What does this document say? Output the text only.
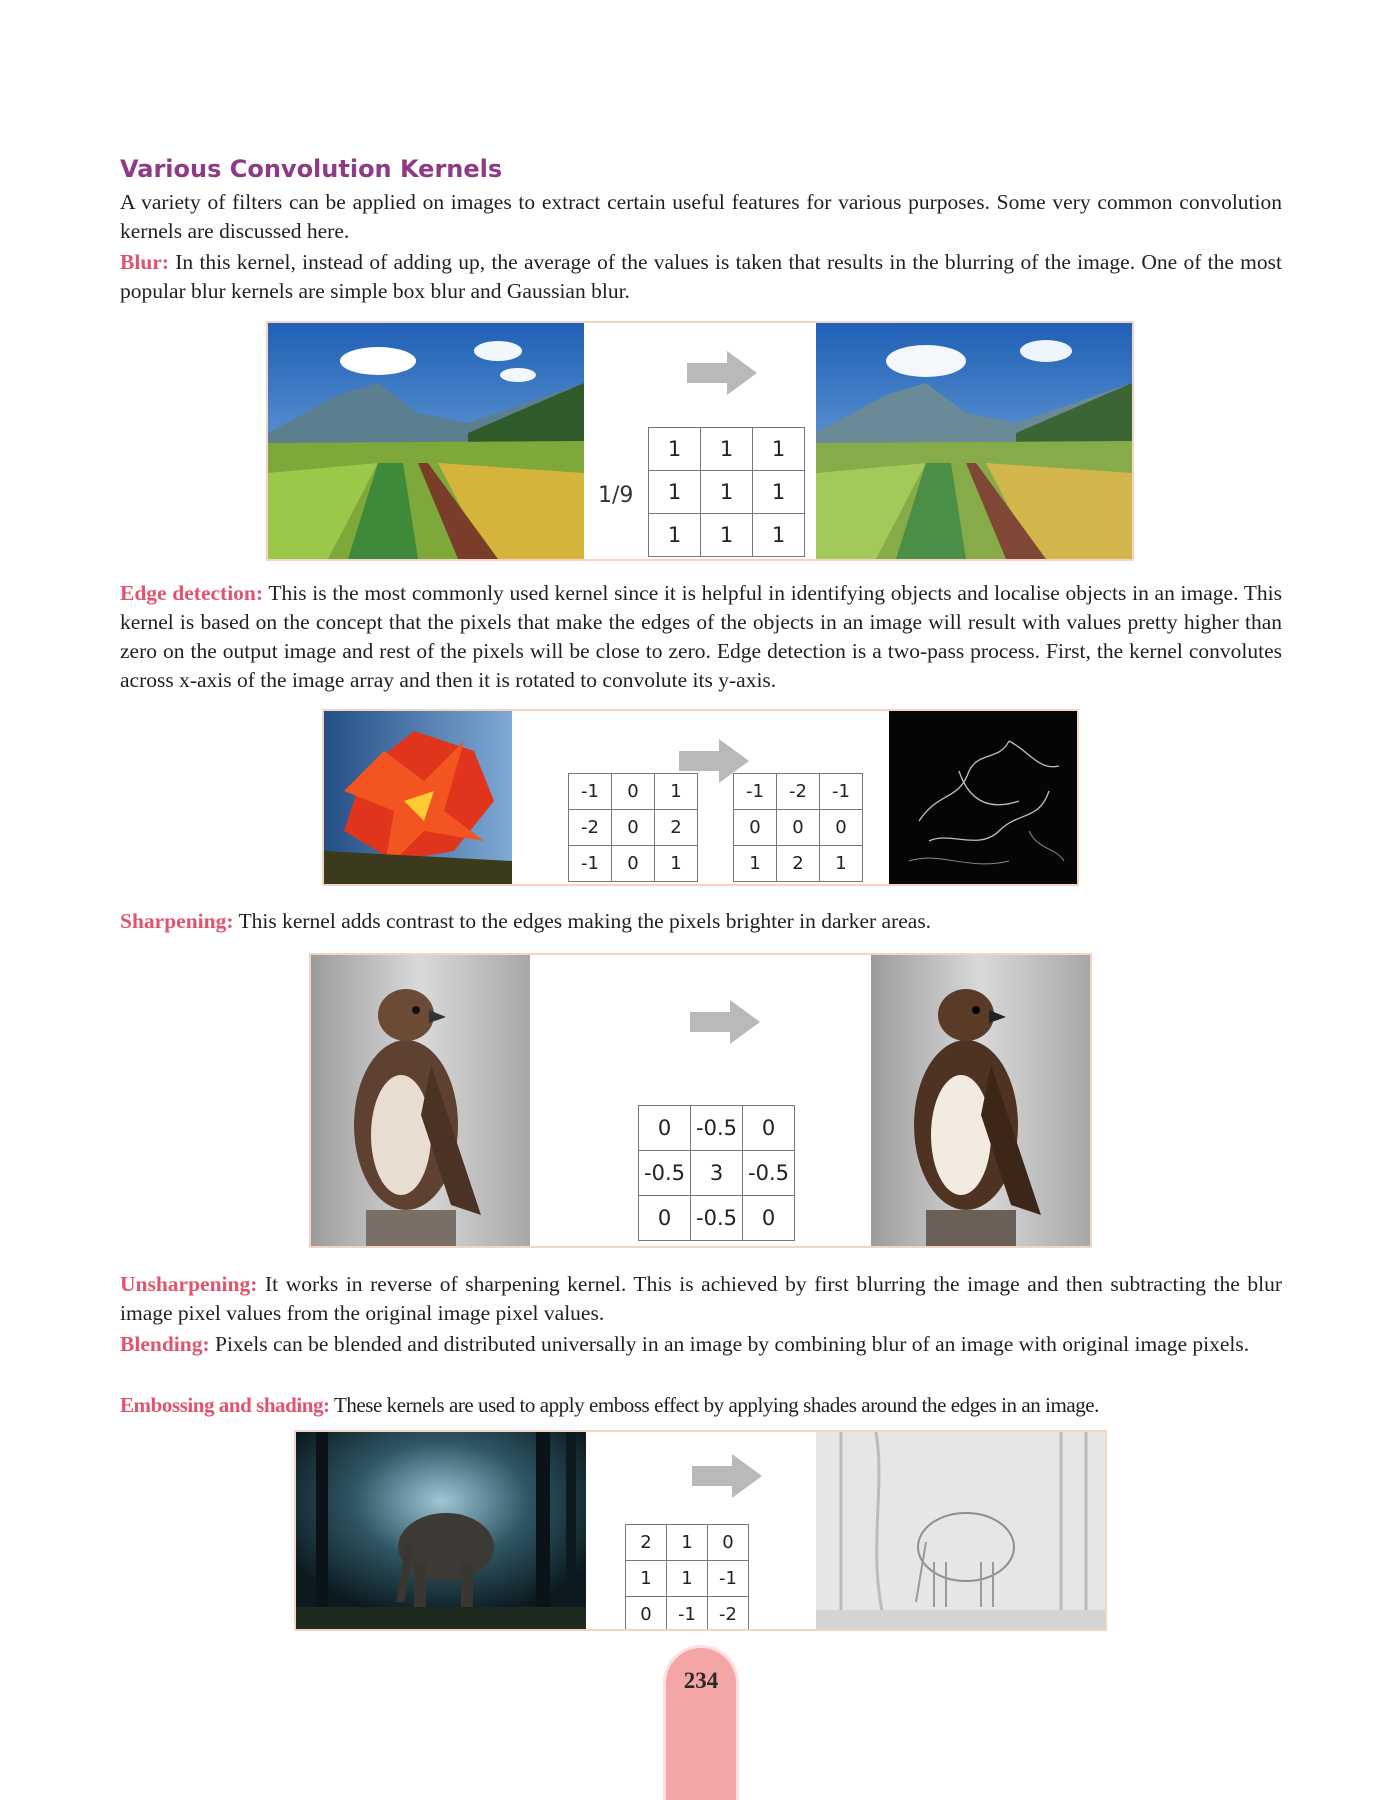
Various Convolution Kernels

A variety of filters can be applied on images to extract certain useful features for various purposes. Some very common convolution kernels are discussed here.

Blur: In this kernel, instead of adding up, the average of the values is taken that results in the blurring of the image. One of the most popular blur kernels are simple box blur and Gaussian blur.

1/9
1	1	1
1	1	1
1	1	1

Edge detection: This is the most commonly used kernel since it is helpful in identifying objects and localise objects in an image. This kernel is based on the concept that the pixels that make the edges of the objects in an image will result with values pretty higher than zero on the output image and rest of the pixels will be close to zero. Edge detection is a two-pass process. First, the kernel convolutes across x-axis of the image array and then it is rotated to convolute its y-axis.

-1	0	1
-2	0	2
-1	0	1
-1	-2	-1
0	0	0
1	2	1

Sharpening: This kernel adds contrast to the edges making the pixels brighter in darker areas.

0	-0.5	0
-0.5	3	-0.5
0	-0.5	0

Unsharpening: It works in reverse of sharpening kernel. This is achieved by first blurring the image and then subtracting the blur image pixel values from the original image pixel values.

Blending: Pixels can be blended and distributed universally in an image by combining blur of an image with original image pixels.

Embossing and shading: These kernels are used to apply emboss effect by applying shades around the edges in an image.

2	1	0
1	1	-1
0	-1	-2
234
